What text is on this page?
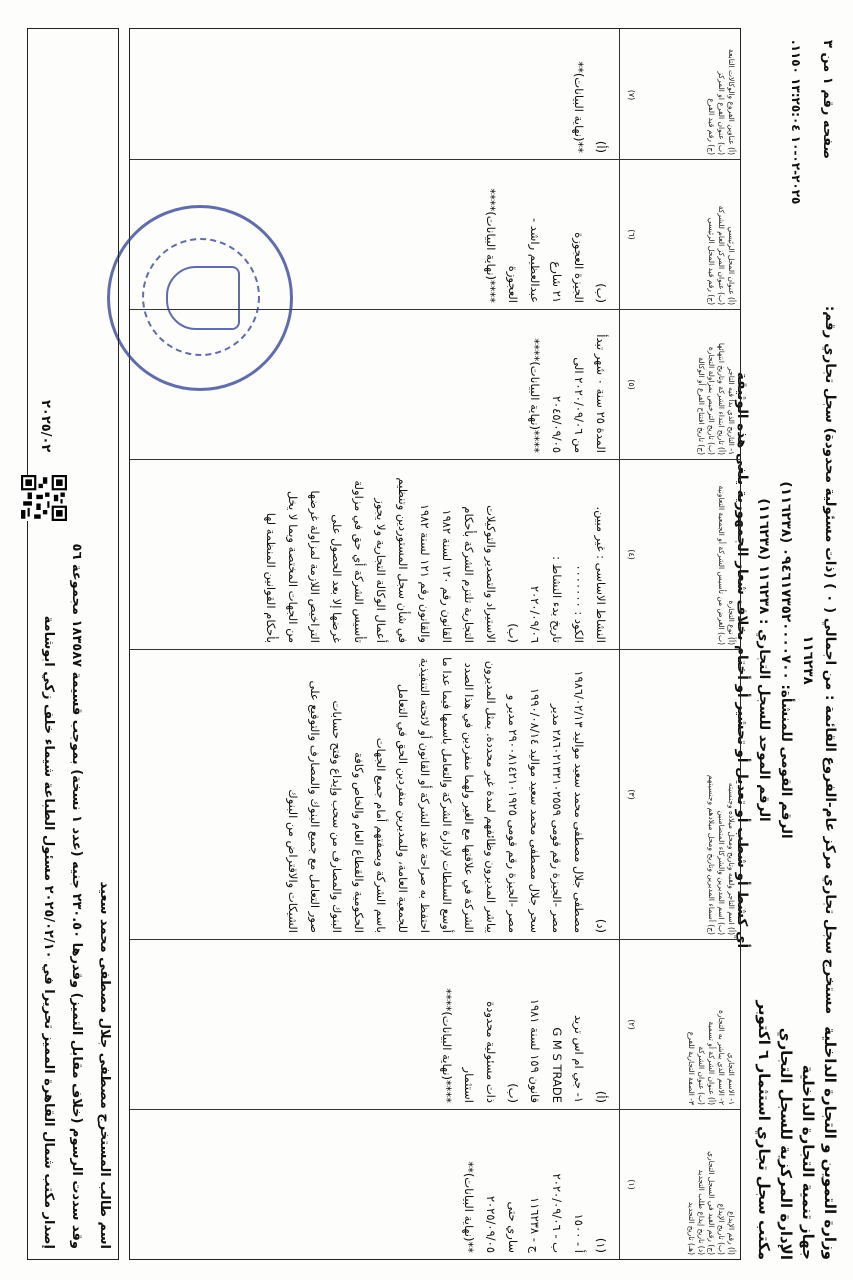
وزارة التموين و التجارة الداخلية
جهاز تنمية التجارة الداخلية
الإدارة المركزية للسجل التجاري
مكتب سجل تجاري استثمار ٦ اكتوبر
مستخرج سجل تجاري مركز عام-الفروع القائمة : من اجمالي ( ٠ ) (ذات مسئولية محدودة) سجل تجاري رقم: ١١٦٢٣٨
الرقم القومى للمنشأة: ٠٩٤٦١٧٣٥٢٠٠٠٠٧٠٠ (١١٦٢٣٨)
الرقم الموحد للسجل التجاري : ١١٦٢٣٨ (١١٦٢٣٨)
أي كشط أو شطب أو تعديل أو تحشير أو أختام بخلاف شعار الجمهورية يلغى هذه الوثيقة
صفحه رقم ١ من ٣
٢٠٢٥-٠٢-١٠ ١٣:٢٥:٠٤ ١١٥٠.
(أ) رقم الإيداع
(ب) تاريخ الإيداع
(ج) رقم القيد في السجل التجاري
(د) تاريخ إيداع طلب التجديد
(هـ) تاريخ التجديد
(١)
(١)
أ - ١٥٠٠
ب - ٢٠٢٠/٠٩/٠٦
ج - ١١٦٢٣٨
ساري حتى
٢٠٢٥/٠٩/٠٥
**(نهاية البيانات)**
١- الاسم التجاري
٢- الاسم الذي يباشر به التجارة
(أ) عنوان الشركة أو تسمية
(ب) عنوان الشركة
٣- الصفة التجارية للفرع
(٢)
(أ)
١- جي ام اس تريد
G M S TRADE
قانون ١٥٩ لسنة ١٩٨١
(ب)
ذات مسئولية محدودة
استثمار
****(نهاية البيانات)****
(أ) اسم التاجر ولقبه وتاريخ ومحل ميلاده وجنسيته
(ب) اسم المديرين والشركاء المتضامنين
(ج) أسماء المديرين وتاريخ ومحل ميلادهم وجنسيتهم
(٣)
(د)
مصطفى جلال مصطفى محمد سعيد مواليد ١٩٨٦/٠٢/١٣
مصر -الجيزة رقم قومى ٢٨٦٠٢١٣٢١٠٢٥٥٩ مدير
سحر جلال مصطفى محمد سعيد مواليد ١٩٩٠/٠٨/١٤
مصر -الجيزة رقم قومى ٢٩٠٠٨١٤٢١٠١٩٢٥ مدير و
يباشر المديرون وظائفهم لمدة غير محددة. يمثل المديرون
الشركة في علاقتها مع الغير ولهما منفردين في هذا الصدد
أوسع السلطات لإدارة الشركة والتعامل باسمها فيما عدا ما
احتفظ به صراحة عقد الشركة أو القانون أو لائحته التنفيذية
للجمعية العامة، وللمديرين منفردين الحق في التعامل
باسم الشركة وبصفتهم أمام جميع الجهات
الحكومية والقطاع العام والخاص وكافة
البنوك والمصارف من سحب وإيداع وفتح حسابات
صور التعامل مع جميع البنوك والمصارف والتوقيع على
الشيكات والاقتراض من البنوك
(أ) نوع التجارة
(ب) الغرض من تأسيس الشركة أو الجمعية التعاونية
(٤)
النشاط الاساسى : غير مبين.
الكود : ٠٠٠٠٠٠٠
تاريخ بدء النشاط :
٢٠٢٠/٠٩/٠٦
(ب)
الاستيراد والتصدير والتوكيلات
التجارية تلتزم الشركة بأحكام
القانون رقم ١٢٠ لسنة ١٩٨٢
والقانون رقم ١٢١ لسنة ١٩٨٢
في شأن سجل المستوردين وتنظيم
أعمال الوكالة التجارية ولا يجوز
تأسيس الشركة أي حق في مزاولة
غرضها إلا بعد الحصول على
التراخيص اللازمة لمزاولة غرضها
من الجهات المختصة وبما لا يخل
بأحكام القوانين المنظمة لها
١- التاريخ الذي بدأ فيه التاجر
(أ) تاريخ ابتداء الشركة وتاريخ انتهائها
(ب) تاريخ الترخيص بمزاولة التجارة
(ج) تاريخ افتتاح الفرع أو الوكالة
(٥)
المدة ٢٥ سنة ٠ شهر تبدأ
من ٢٠٢٠/٠٩/٠٦ الى
٢٠٤٥/٠٩/٠٥
****(نهاية البيانات)****
(أ) عنوان المحل الرئيسي
(ب) عنوان المركز العام للشركة
(ج) رقم قيد المحل الرئيسي
(٦)
(ب)
الجيزة العجوزة
٢١ شارع
عبدالعظيم راشد -
العجوزة
****(نهاية البيانات)****
(أ) عناوين الفروع والوكالات التابعة
(ب) عنوان الفرع او المركز
(ج) رقم قيد الفرع
(٧)
(أ)
**(نهاية البيانات)**
اسم طالب المستخرج مصطفى جلال مصطفى محمد سعيد
وقد سددت الرسوم (خلاف مقابل التميز) وقدرها ٢٣٠.٥٠ جنيه (عدد ١ نسخة) بموجب قسيمة ١٨٣٥٨٧ مجموعة ٥٦
إصدار مكتب شمال القاهرة المميز تحريرا في ٢٠٢٥/٠٢/١٠ مسئول الطباعة شيماء خلف زكي ابوشامة
٢٠٢٥/٠٢
